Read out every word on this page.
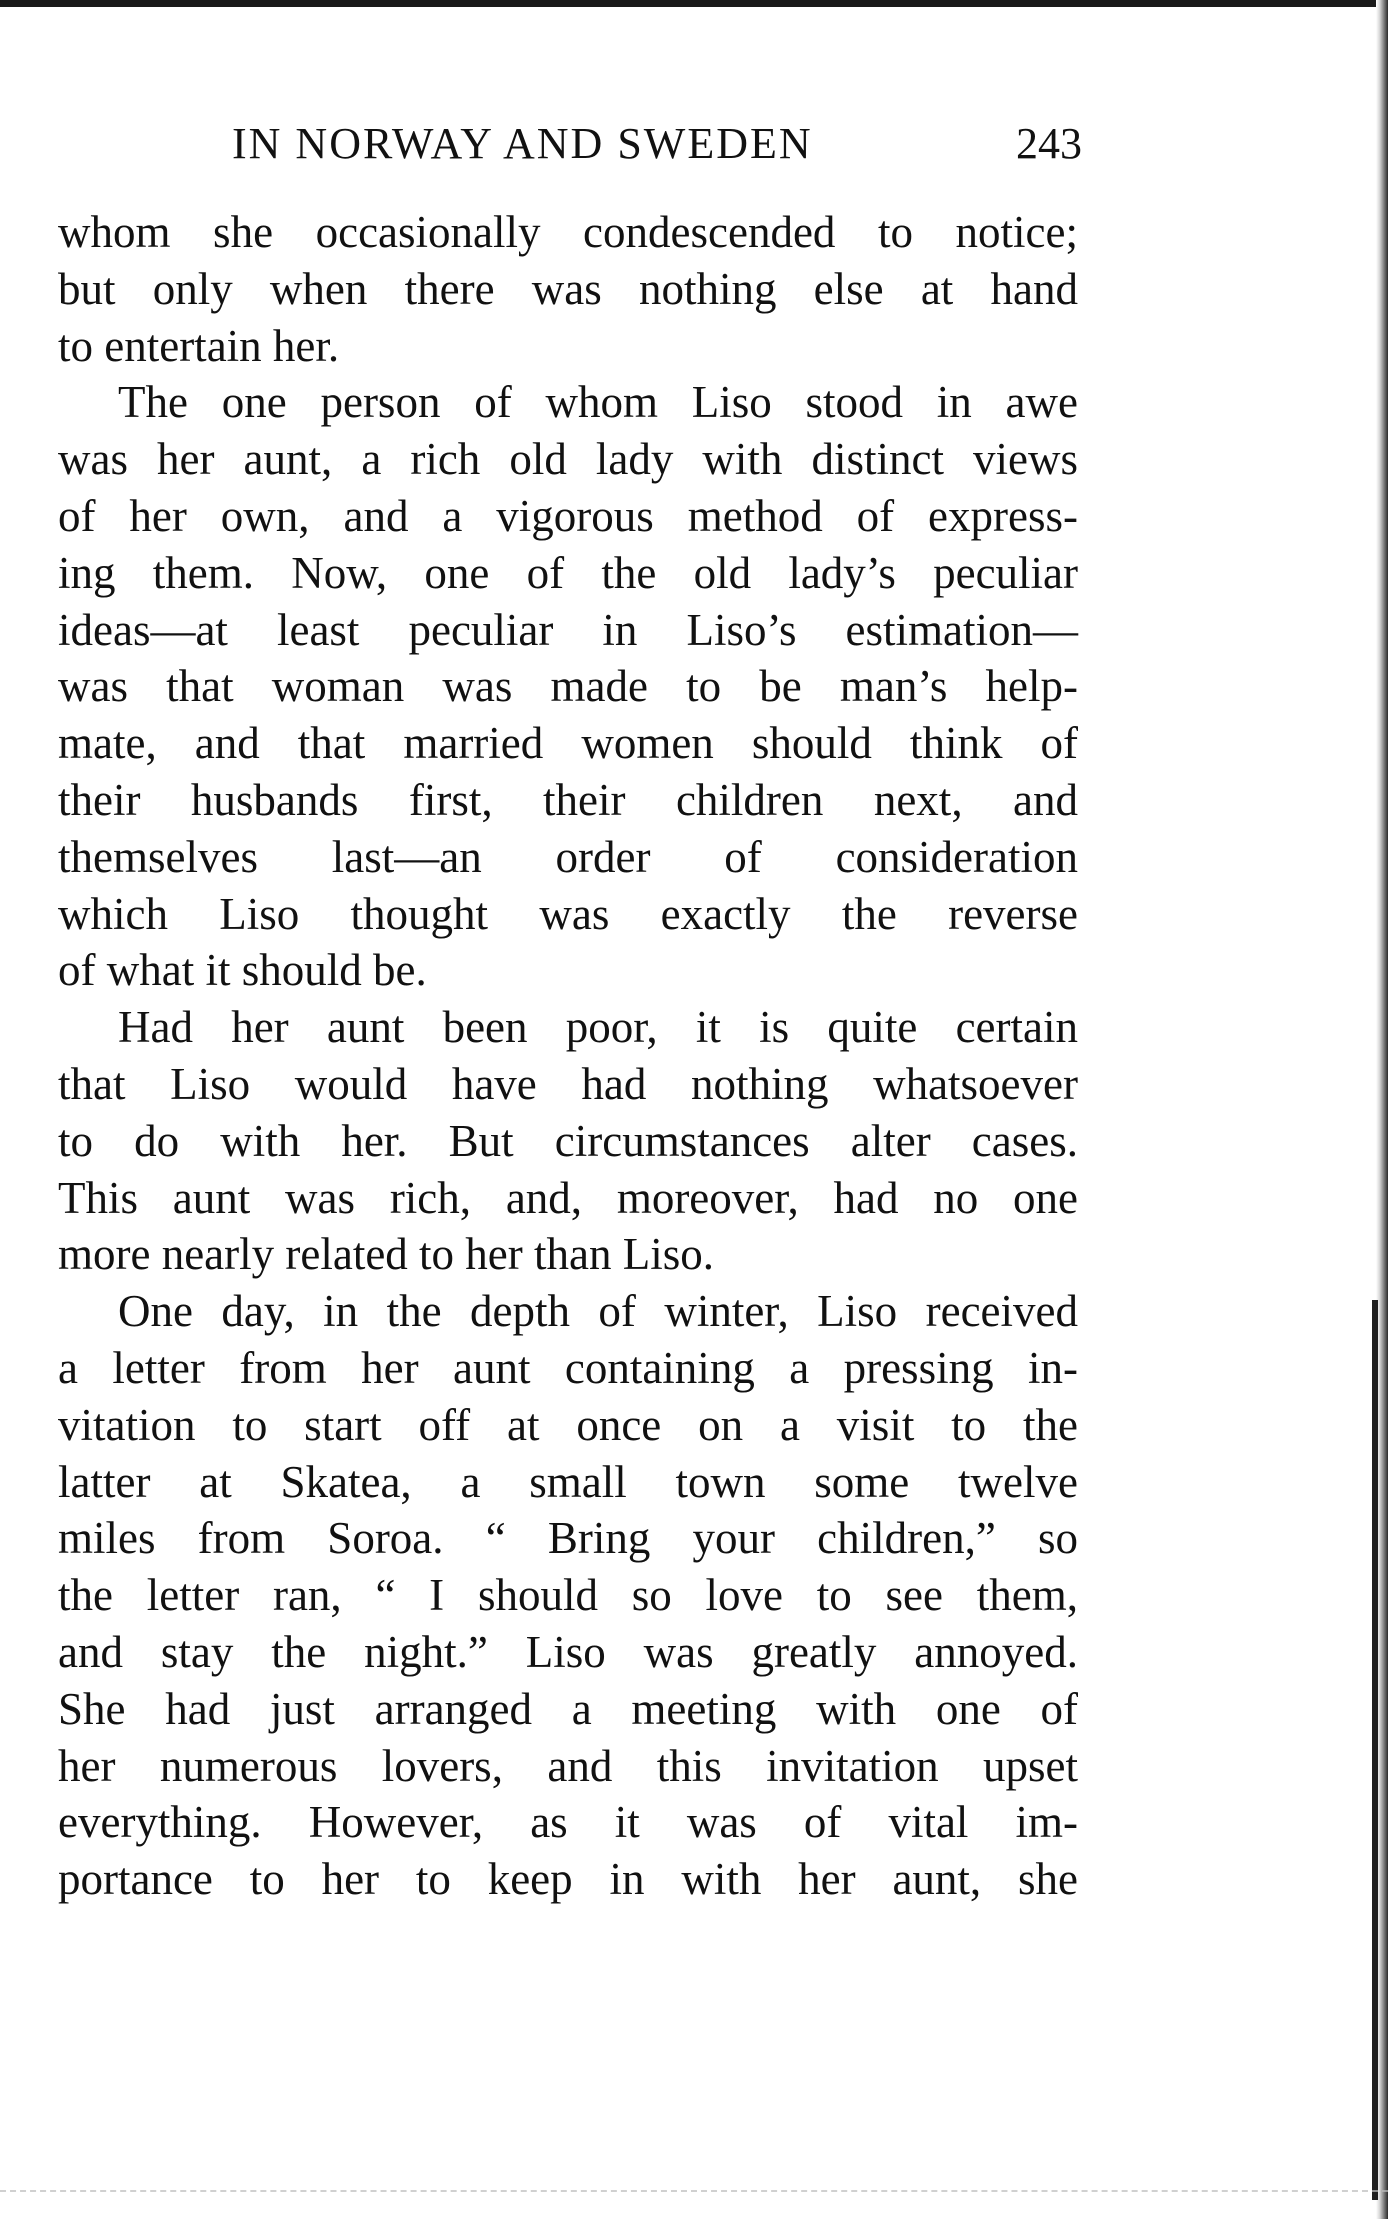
IN NORWAY AND SWEDEN	243
whom she occasionally condescended to notice;
but only when there was nothing else at hand
to entertain her.
The one person of whom Liso stood in awe
was her aunt, a rich old lady with distinct views
of her own, and a vigorous method of express-
ing them. Now, one of the old lady’s peculiar
ideas—at least peculiar in Liso’s estimation—
was that woman was made to be man’s help-
mate, and that married women should think of
their husbands first, their children next, and
themselves last—an order of consideration
which Liso thought was exactly the reverse
of what it should be.
Had her aunt been poor, it is quite certain
that Liso would have had nothing whatsoever
to do with her. But circumstances alter cases.
This aunt was rich, and, moreover, had no one
more nearly related to her than Liso.
One day, in the depth of winter, Liso received
a letter from her aunt containing a pressing in-
vitation to start off at once on a visit to the
latter at Skatea, a small town some twelve
miles from Soroa. “ Bring your children,” so
the letter ran, “ I should so love to see them,
and stay the night.” Liso was greatly annoyed.
She had just arranged a meeting with one of
her numerous lovers, and this invitation upset
everything. However, as it was of vital im-
portance to her to keep in with her aunt, she
